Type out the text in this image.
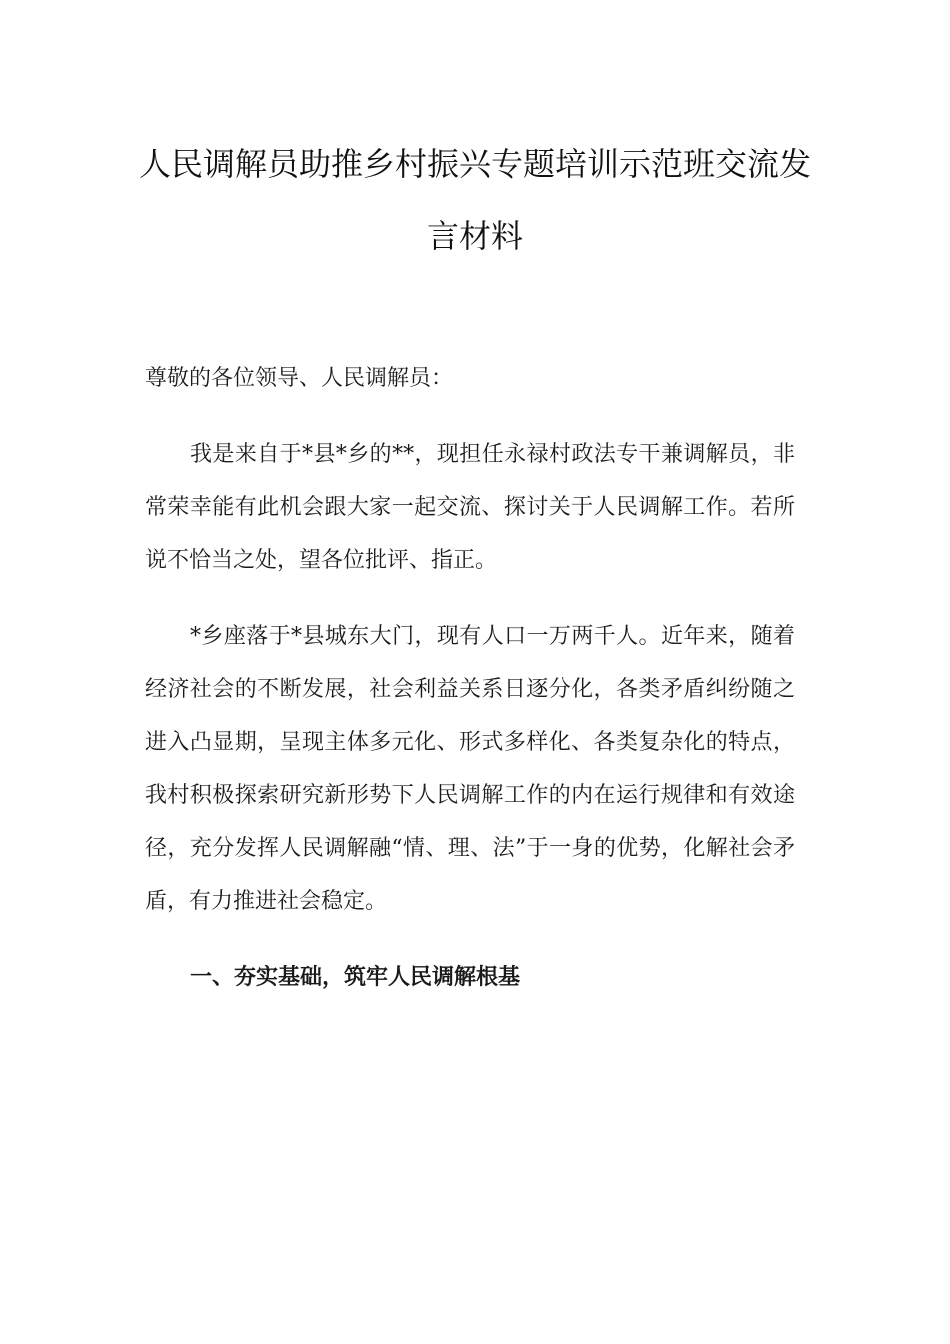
人民调解员助推乡村振兴专题培训示范班交流发言材料

尊敬的各位领导、人民调解员：

我是来自于*县*乡的**，现担任永禄村政法专干兼调解员，非常荣幸能有此机会跟大家一起交流、探讨关于人民调解工作。若所说不恰当之处，望各位批评、指正。

*乡座落于*县城东大门，现有人口一万两千人。近年来，随着经济社会的不断发展，社会利益关系日逐分化，各类矛盾纠纷随之进入凸显期，呈现主体多元化、形式多样化、各类复杂化的特点，我村积极探索研究新形势下人民调解工作的内在运行规律和有效途径，充分发挥人民调解融“情、理、法”于一身的优势，化解社会矛盾，有力推进社会稳定。

一、夯实基础，筑牢人民调解根基
